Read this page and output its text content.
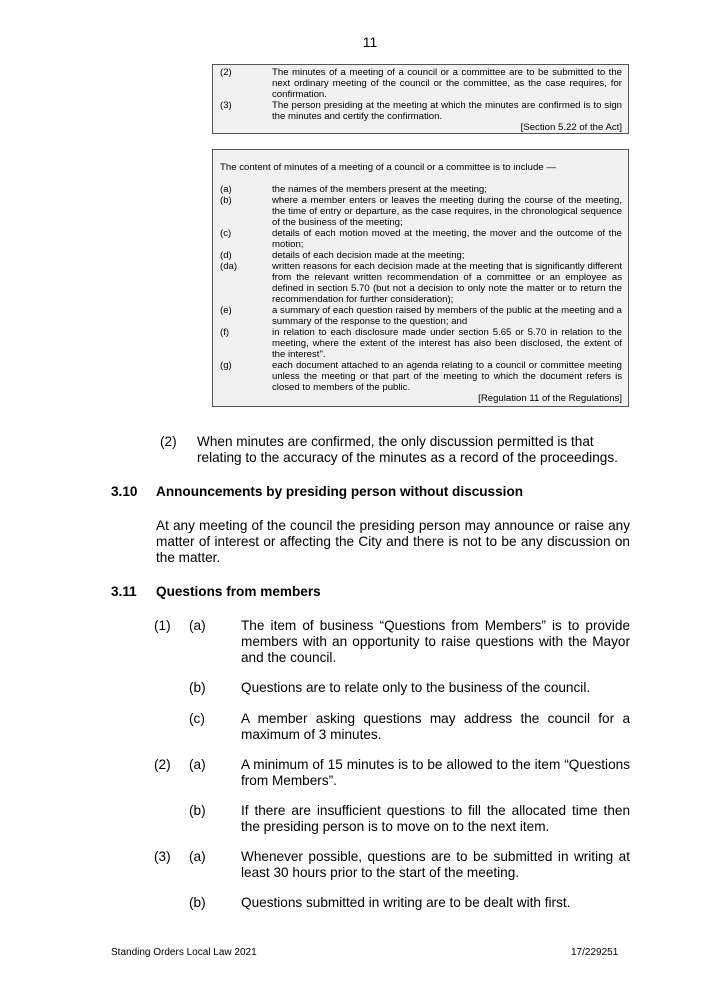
11
(2)	The minutes of a meeting of a council or a committee are to be submitted to the next ordinary meeting of the council or the committee, as the case requires, for confirmation.
(3)	The person presiding at the meeting at which the minutes are confirmed is to sign the minutes and certify the confirmation.
[Section 5.22 of the Act]
The content of minutes of a meeting of a council or a committee is to include —
(a)	the names of the members present at the meeting;
(b)	where a member enters or leaves the meeting during the course of the meeting, the time of entry or departure, as the case requires, in the chronological sequence of the business of the meeting;
(c)	details of each motion moved at the meeting, the mover and the outcome of the motion;
(d)	details of each decision made at the meeting;
(da)	written reasons for each decision made at the meeting that is significantly different from the relevant written recommendation of a committee or an employee as defined in section 5.70 (but not a decision to only note the matter or to return the recommendation for further consideration);
(e)	a summary of each question raised by members of the public at the meeting and a summary of the response to the question; and
(f)	in relation to each disclosure made under section 5.65 or 5.70 in relation to the meeting, where the extent of the interest has also been disclosed, the extent of the interest".
(g)	each document attached to an agenda relating to a council or committee meeting unless the meeting or that part of the meeting to which the document refers is closed to members of the public.
[Regulation 11 of the Regulations]
(2) When minutes are confirmed, the only discussion permitted is that relating to the accuracy of the minutes as a record of the proceedings.
3.10 Announcements by presiding person without discussion
At any meeting of the council the presiding person may announce or raise any matter of interest or affecting the City and there is not to be any discussion on the matter.
3.11 Questions from members
(1) (a)	The item of business “Questions from Members” is to provide members with an opportunity to raise questions with the Mayor and the council.
(b)	Questions are to relate only to the business of the council.
(c)	A member asking questions may address the council for a maximum of 3 minutes.
(2) (a)	A minimum of 15 minutes is to be allowed to the item “Questions from Members”.
(b)	If there are insufficient questions to fill the allocated time then the presiding person is to move on to the next item.
(3) (a)	Whenever possible, questions are to be submitted in writing at least 30 hours prior to the start of the meeting.
(b)	Questions submitted in writing are to be dealt with first.
Standing Orders Local Law 2021	17/229251
